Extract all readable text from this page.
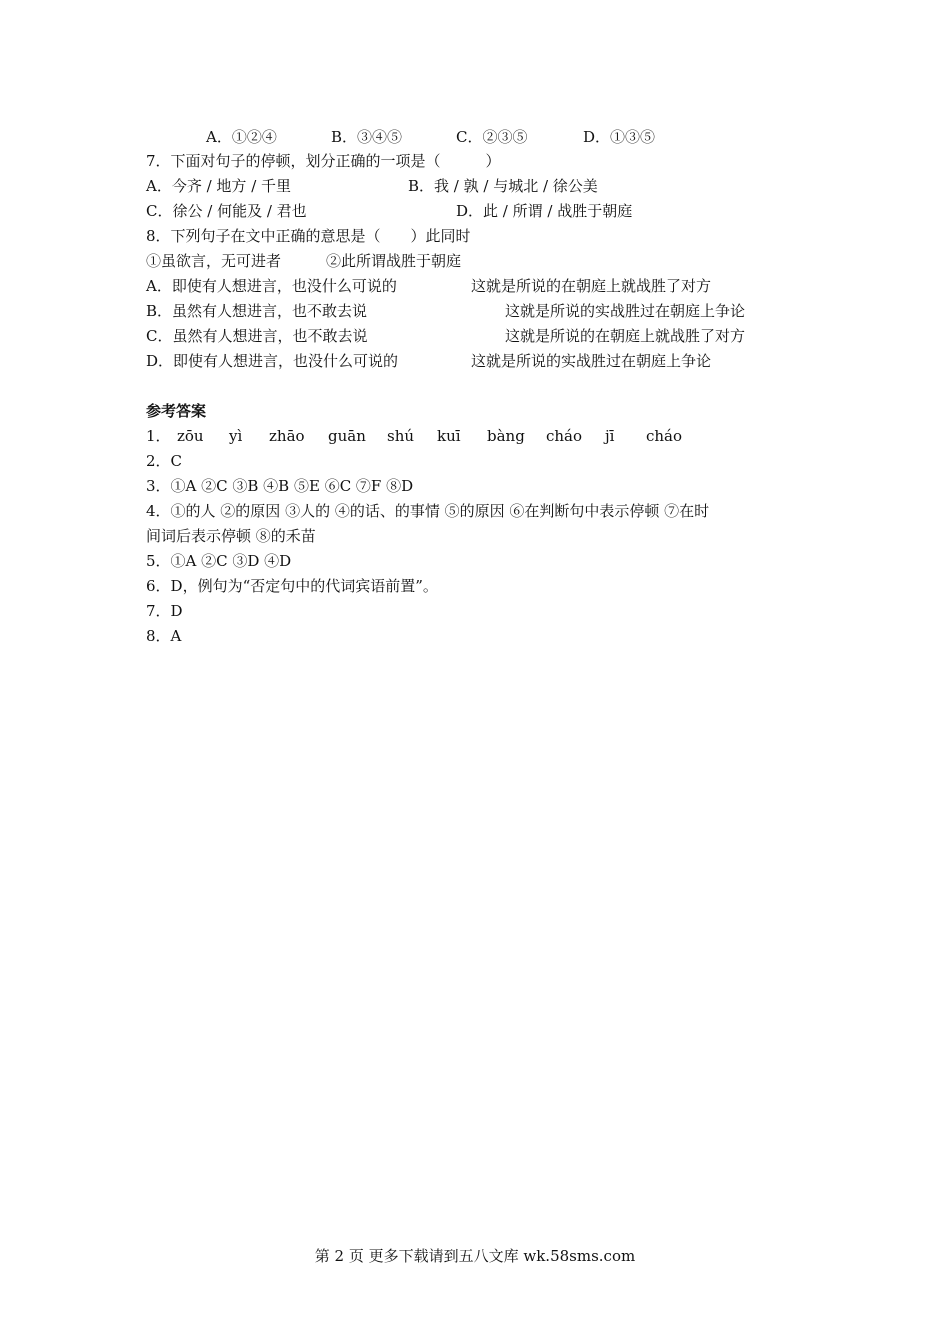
A．①②④	B．③④⑤	C．②③⑤	D．①③⑤
7．下面对句子的停顿，划分正确的一项是（　　　）
A．今齐 / 地方 / 千里	B．我 / 孰 / 与城北 / 徐公美
C．徐公 / 何能及 / 君也	D．此 / 所谓 / 战胜于朝庭
8．下列句子在文中正确的意思是（　　）此同时
①虽欲言，无可进者　　　②此所谓战胜于朝庭
A．即使有人想进言，也没什么可说的	这就是所说的在朝庭上就战胜了对方
B．虽然有人想进言，也不敢去说	这就是所说的实战胜过在朝庭上争论
C．虽然有人想进言，也不敢去说	这就是所说的在朝庭上就战胜了对方
D．即使有人想进言，也没什么可说的	这就是所说的实战胜过在朝庭上争论
参考答案
1． zōu yì zhāo guān shú kuī bàng cháo jī cháo
2．C
3．①A ②C ③B ④B ⑤E ⑥C ⑦F ⑧D
4．①的人 ②的原因 ③人的 ④的话、的事情 ⑤的原因 ⑥在判断句中表示停顿 ⑦在时
间词后表示停顿 ⑧的禾苗
5．①A ②C ③D ④D
6．D，例句为“否定句中的代词宾语前置”。
7．D
8．A
第 2 页 更多下载请到五八文库 wk.58sms.com
